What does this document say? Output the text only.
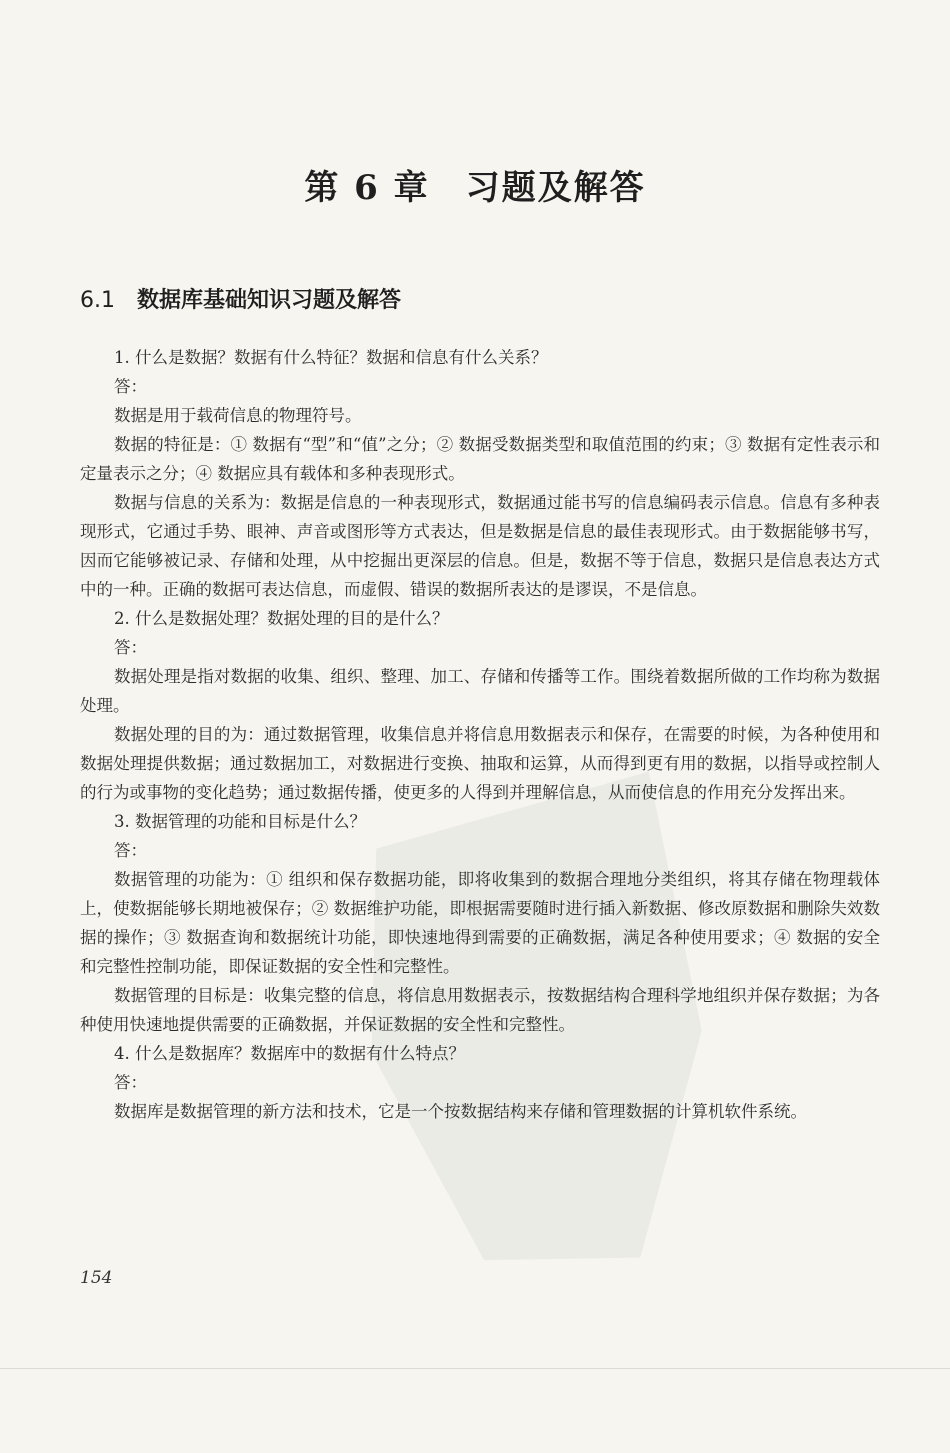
第 6 章 习题及解答
6.1 数据库基础知识习题及解答

1. 什么是数据？数据有什么特征？数据和信息有什么关系？

答：

数据是用于载荷信息的物理符号。

数据的特征是：① 数据有“型”和“值”之分；② 数据受数据类型和取值范围的约束；③ 数据有定性表示和定量表示之分；④ 数据应具有载体和多种表现形式。

数据与信息的关系为：数据是信息的一种表现形式，数据通过能书写的信息编码表示信息。信息有多种表现形式，它通过手势、眼神、声音或图形等方式表达，但是数据是信息的最佳表现形式。由于数据能够书写，因而它能够被记录、存储和处理，从中挖掘出更深层的信息。但是，数据不等于信息，数据只是信息表达方式中的一种。正确的数据可表达信息，而虚假、错误的数据所表达的是谬误，不是信息。

2. 什么是数据处理？数据处理的目的是什么？

答：

数据处理是指对数据的收集、组织、整理、加工、存储和传播等工作。围绕着数据所做的工作均称为数据处理。

数据处理的目的为：通过数据管理，收集信息并将信息用数据表示和保存，在需要的时候，为各种使用和数据处理提供数据；通过数据加工，对数据进行变换、抽取和运算，从而得到更有用的数据，以指导或控制人的行为或事物的变化趋势；通过数据传播，使更多的人得到并理解信息，从而使信息的作用充分发挥出来。

3. 数据管理的功能和目标是什么？

答：

数据管理的功能为：① 组织和保存数据功能，即将收集到的数据合理地分类组织，将其存储在物理载体上，使数据能够长期地被保存；② 数据维护功能，即根据需要随时进行插入新数据、修改原数据和删除失效数据的操作；③ 数据查询和数据统计功能，即快速地得到需要的正确数据，满足各种使用要求；④ 数据的安全和完整性控制功能，即保证数据的安全性和完整性。

数据管理的目标是：收集完整的信息，将信息用数据表示，按数据结构合理科学地组织并保存数据；为各种使用快速地提供需要的正确数据，并保证数据的安全性和完整性。

4. 什么是数据库？数据库中的数据有什么特点？

答：

数据库是数据管理的新方法和技术，它是一个按数据结构来存储和管理数据的计算机软件系统。

154
